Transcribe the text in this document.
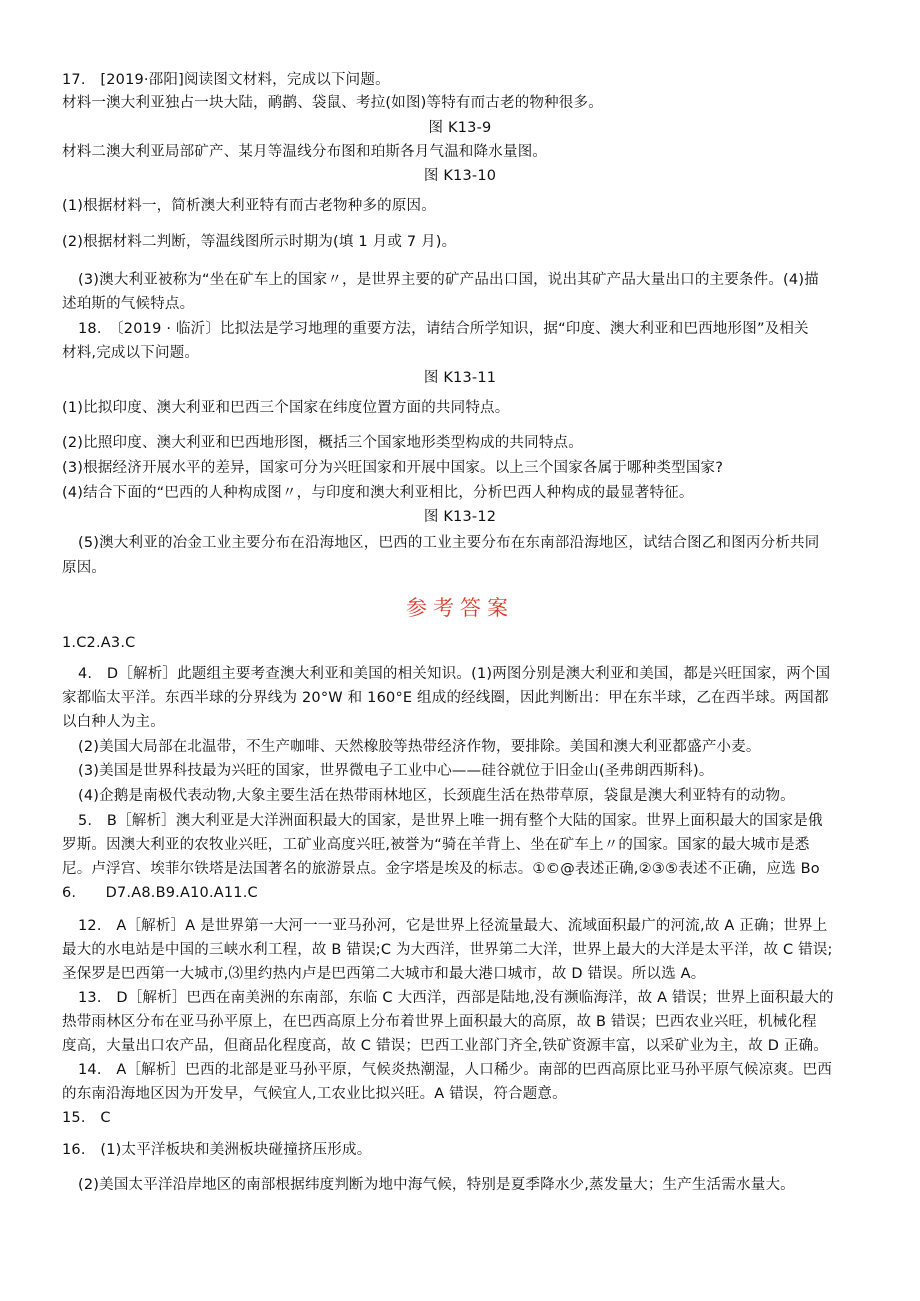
17.　[2019·邵阳]阅读图文材料，完成以下问题。
材料一澳大利亚独占一块大陆，鸸鹋、袋鼠、考拉(如图)等特有而古老的物种很多。
图 K13-9
材料二澳大利亚局部矿产、某月等温线分布图和珀斯各月气温和降水量图。
图 K13-10
(1)根据材料一，简析澳大利亚特有而古老物种多的原因。
(2)根据材料二判断，等温线图所示时期为(填 1 月或 7 月)。
(3)澳大利亚被称为“坐在矿车上的国家〃，是世界主要的矿产品出口国，说出其矿产品大量出口的主要条件。(4)描
述珀斯的气候特点。
18.　〔2019 · 临沂〕比拟法是学习地理的重要方法，请结合所学知识，据“印度、澳大利亚和巴西地形图”及相关
材料,完成以下问题。
图 K13-11
(1)比拟印度、澳大利亚和巴西三个国家在纬度位置方面的共同特点。
(2)比照印度、澳大利亚和巴西地形图，概括三个国家地形类型构成的共同特点。
(3)根据经济开展水平的差异，国家可分为兴旺国家和开展中国家。以上三个国家各属于哪种类型国家?
(4)结合下面的“巴西的人种构成图〃，与印度和澳大利亚相比，分析巴西人种构成的最显著特征。
图 K13-12
(5)澳大利亚的冶金工业主要分布在沿海地区，巴西的工业主要分布在东南部沿海地区，试结合图乙和图丙分析共同
原因。
参考答案
1.C2.A3.C
4.　D［解析］此题组主要考查澳大利亚和美国的相关知识。(1)两图分别是澳大利亚和美国，都是兴旺国家，两个国
家都临太平洋。东西半球的分界线为 20°W 和 160°E 组成的经线圈，因此判断出：甲在东半球，乙在西半球。两国都
以白种人为主。
(2)美国大局部在北温带，不生产咖啡、天然橡胶等热带经济作物，要排除。美国和澳大利亚都盛产小麦。
(3)美国是世界科技最为兴旺的国家，世界微电子工业中心——硅谷就位于旧金山(圣弗朗西斯科)。
(4)企鹅是南极代表动物,大象主要生活在热带雨林地区，长颈鹿生活在热带草原，袋鼠是澳大利亚特有的动物。
5.　B［解析］澳大利亚是大洋洲面积最大的国家，是世界上唯一拥有整个大陆的国家。世界上面积最大的国家是俄
罗斯。因澳大利亚的农牧业兴旺，工矿业高度兴旺,被誉为“骑在羊背上、坐在矿车上〃的国家。国家的最大城市是悉
尼。卢浮宫、埃菲尔铁塔是法国著名的旅游景点。金字塔是埃及的标志。①©@表述正确,②③⑤表述不正确，应选 Bo
6.　　D7.A8.B9.A10.A11.C
12.　A［解析］A 是世界第一大河一一亚马孙河，它是世界上径流量最大、流域面积最广的河流,故 A 正确；世界上
最大的水电站是中国的三峡水利工程，故 B 错误;C 为大西洋，世界第二大洋，世界上最大的大洋是太平洋，故 C 错误;
圣保罗是巴西第一大城市,⑶里约热内卢是巴西第二大城市和最大港口城市，故 D 错误。所以选 A。
13.　D［解析］巴西在南美洲的东南部，东临 C 大西洋，西部是陆地,没有濒临海洋，故 A 错误；世界上面积最大的
热带雨林区分布在亚马孙平原上，在巴西高原上分布着世界上面积最大的高原，故 B 错误；巴西农业兴旺，机械化程
度高，大量出口农产品，但商品化程度高，故 C 错误；巴西工业部门齐全,铁矿资源丰富，以采矿业为主，故 D 正确。
14.　A［解析］巴西的北部是亚马孙平原，气候炎热潮湿，人口稀少。南部的巴西高原比亚马孙平原气候凉爽。巴西
的东南沿海地区因为开发早，气候宜人,工农业比拟兴旺。A 错误，符合题意。
15.　C
16.　(1)太平洋板块和美洲板块碰撞挤压形成。
(2)美国太平洋沿岸地区的南部根据纬度判断为地中海气候，特别是夏季降水少,蒸发量大；生产生活需水量大。
